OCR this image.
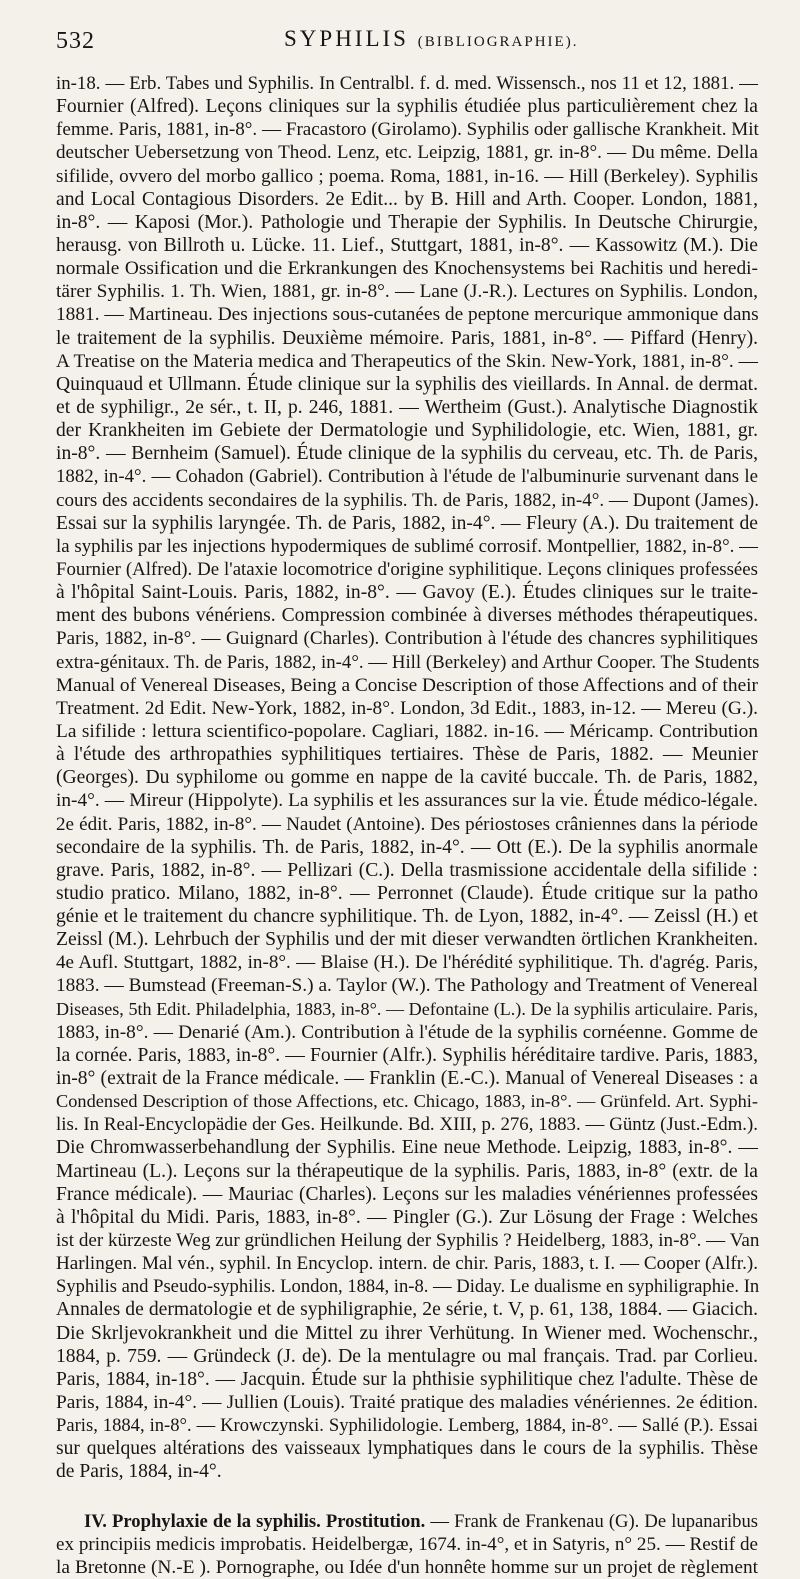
532	SYPHILIS (BIBLIOGRAPHIE).
in-18. — Erb. Tabes und Syphilis. In Centralbl. f. d. med. Wissensch., nos 11 et 12, 1881. —
Fournier (Alfred). Leçons cliniques sur la syphilis étudiée plus particulièrement chez la
femme. Paris, 1881, in-8°. — Fracastoro (Girolamo). Syphilis oder gallische Krankheit. Mit
deutscher Uebersetzung von Theod. Lenz, etc. Leipzig, 1881, gr. in-8°. — Du même. Della
sifilide, ovvero del morbo gallico ; poema. Roma, 1881, in-16. — Hill (Berkeley). Syphilis
and Local Contagious Disorders. 2e Edit... by B. Hill and Arth. Cooper. London, 1881,
in-8°. — Kaposi (Mor.). Pathologie und Therapie der Syphilis. In Deutsche Chirurgie,
herausg. von Billroth u. Lücke. 11. Lief., Stuttgart, 1881, in-8°. — Kassowitz (M.). Die
normale Ossification und die Erkrankungen des Knochensystems bei Rachitis und heredi-
tärer Syphilis. 1. Th. Wien, 1881, gr. in-8°. — Lane (J.-R.). Lectures on Syphilis. London,
1881. — Martineau. Des injections sous-cutanées de peptone mercurique ammonique dans
le traitement de la syphilis. Deuxième mémoire. Paris, 1881, in-8°. — Piffard (Henry).
A Treatise on the Materia medica and Therapeutics of the Skin. New-York, 1881, in-8°. —
Quinquaud et Ullmann. Étude clinique sur la syphilis des vieillards. In Annal. de dermat.
et de syphiligr., 2e sér., t. II, p. 246, 1881. — Wertheim (Gust.). Analytische Diagnostik
der Krankheiten im Gebiete der Dermatologie und Syphilidologie, etc. Wien, 1881, gr.
in-8°. — Bernheim (Samuel). Étude clinique de la syphilis du cerveau, etc. Th. de Paris,
1882, in-4°. — Cohadon (Gabriel). Contribution à l'étude de l'albuminurie survenant dans le
cours des accidents secondaires de la syphilis. Th. de Paris, 1882, in-4°. — Dupont (James).
Essai sur la syphilis laryngée. Th. de Paris, 1882, in-4°. — Fleury (A.). Du traitement de
la syphilis par les injections hypodermiques de sublimé corrosif. Montpellier, 1882, in-8°. —
Fournier (Alfred). De l'ataxie locomotrice d'origine syphilitique. Leçons cliniques professées
à l'hôpital Saint-Louis. Paris, 1882, in-8°. — Gavoy (E.). Études cliniques sur le traite-
ment des bubons vénériens. Compression combinée à diverses méthodes thérapeutiques.
Paris, 1882, in-8°. — Guignard (Charles). Contribution à l'étude des chancres syphilitiques
extra-génitaux. Th. de Paris, 1882, in-4°. — Hill (Berkeley) and Arthur Cooper. The Students
Manual of Venereal Diseases, Being a Concise Description of those Affections and of their
Treatment. 2d Edit. New-York, 1882, in-8°. London, 3d Edit., 1883, in-12. — Mereu (G.).
La sifilide : lettura scientifico-popolare. Cagliari, 1882. in-16. — Méricamp. Contribution
à l'étude des arthropathies syphilitiques tertiaires. Thèse de Paris, 1882. — Meunier
(Georges). Du syphilome ou gomme en nappe de la cavité buccale. Th. de Paris, 1882,
in-4°. — Mireur (Hippolyte). La syphilis et les assurances sur la vie. Étude médico-légale.
2e édit. Paris, 1882, in-8°. — Naudet (Antoine). Des périostoses crâniennes dans la période
secondaire de la syphilis. Th. de Paris, 1882, in-4°. — Ott (E.). De la syphilis anormale
grave. Paris, 1882, in-8°. — Pellizari (C.). Della trasmissione accidentale della sifilide :
studio pratico. Milano, 1882, in-8°. — Perronnet (Claude). Étude critique sur la patho
génie et le traitement du chancre syphilitique. Th. de Lyon, 1882, in-4°. — Zeissl (H.) et
Zeissl (M.). Lehrbuch der Syphilis und der mit dieser verwandten örtlichen Krankheiten.
4e Aufl. Stuttgart, 1882, in-8°. — Blaise (H.). De l'hérédité syphilitique. Th. d'agrég. Paris,
1883. — Bumstead (Freeman-S.) a. Taylor (W.). The Pathology and Treatment of Venereal
Diseases, 5th Edit. Philadelphia, 1883, in-8°. — Defontaine (L.). De la syphilis articulaire. Paris,
1883, in-8°. — Denarié (Am.). Contribution à l'étude de la syphilis cornéenne. Gomme de
la cornée. Paris, 1883, in-8°. — Fournier (Alfr.). Syphilis héréditaire tardive. Paris, 1883,
in-8° (extrait de la France médicale. — Franklin (E.-C.). Manual of Venereal Diseases : a
Condensed Description of those Affections, etc. Chicago, 1883, in-8°. — Grünfeld. Art. Syphi-
lis. In Real-Encyclopädie der Ges. Heilkunde. Bd. XIII, p. 276, 1883. — Güntz (Just.-Edm.).
Die Chromwasserbehandlung der Syphilis. Eine neue Methode. Leipzig, 1883, in-8°. —
Martineau (L.). Leçons sur la thérapeutique de la syphilis. Paris, 1883, in-8° (extr. de la
France médicale). — Mauriac (Charles). Leçons sur les maladies vénériennes professées
à l'hôpital du Midi. Paris, 1883, in-8°. — Pingler (G.). Zur Lösung der Frage : Welches
ist der kürzeste Weg zur gründlichen Heilung der Syphilis ? Heidelberg, 1883, in-8°. — Van
Harlingen. Mal vén., syphil. In Encyclop. intern. de chir. Paris, 1883, t. I. — Cooper (Alfr.).
Syphilis and Pseudo-syphilis. London, 1884, in-8. — Diday. Le dualisme en syphiligraphie. In
Annales de dermatologie et de syphiligraphie, 2e série, t. V, p. 61, 138, 1884. — Giacich.
Die Skrljevokrankheit und die Mittel zu ihrer Verhütung. In Wiener med. Wochenschr.,
1884, p. 759. — Gründeck (J. de). De la mentulagre ou mal français. Trad. par Corlieu.
Paris, 1884, in-18°. — Jacquin. Étude sur la phthisie syphilitique chez l'adulte. Thèse de
Paris, 1884, in-4°. — Jullien (Louis). Traité pratique des maladies vénériennes. 2e édition.
Paris, 1884, in-8°. — Krowczynski. Syphilidologie. Lemberg, 1884, in-8°. — Sallé (P.). Essai
sur quelques altérations des vaisseaux lymphatiques dans le cours de la syphilis. Thèse
de Paris, 1884, in-4°.
IV. Prophylaxie de la syphilis. Prostitution. — Frank de Frankenau (G). De lupanaribus
ex principiis medicis improbatis. Heidelbergæ, 1674. in-4°, et in Satyris, n° 25. — Restif de
la Bretonne (N.-E ). Pornographe, ou Idée d'un honnête homme sur un projet de règlement
